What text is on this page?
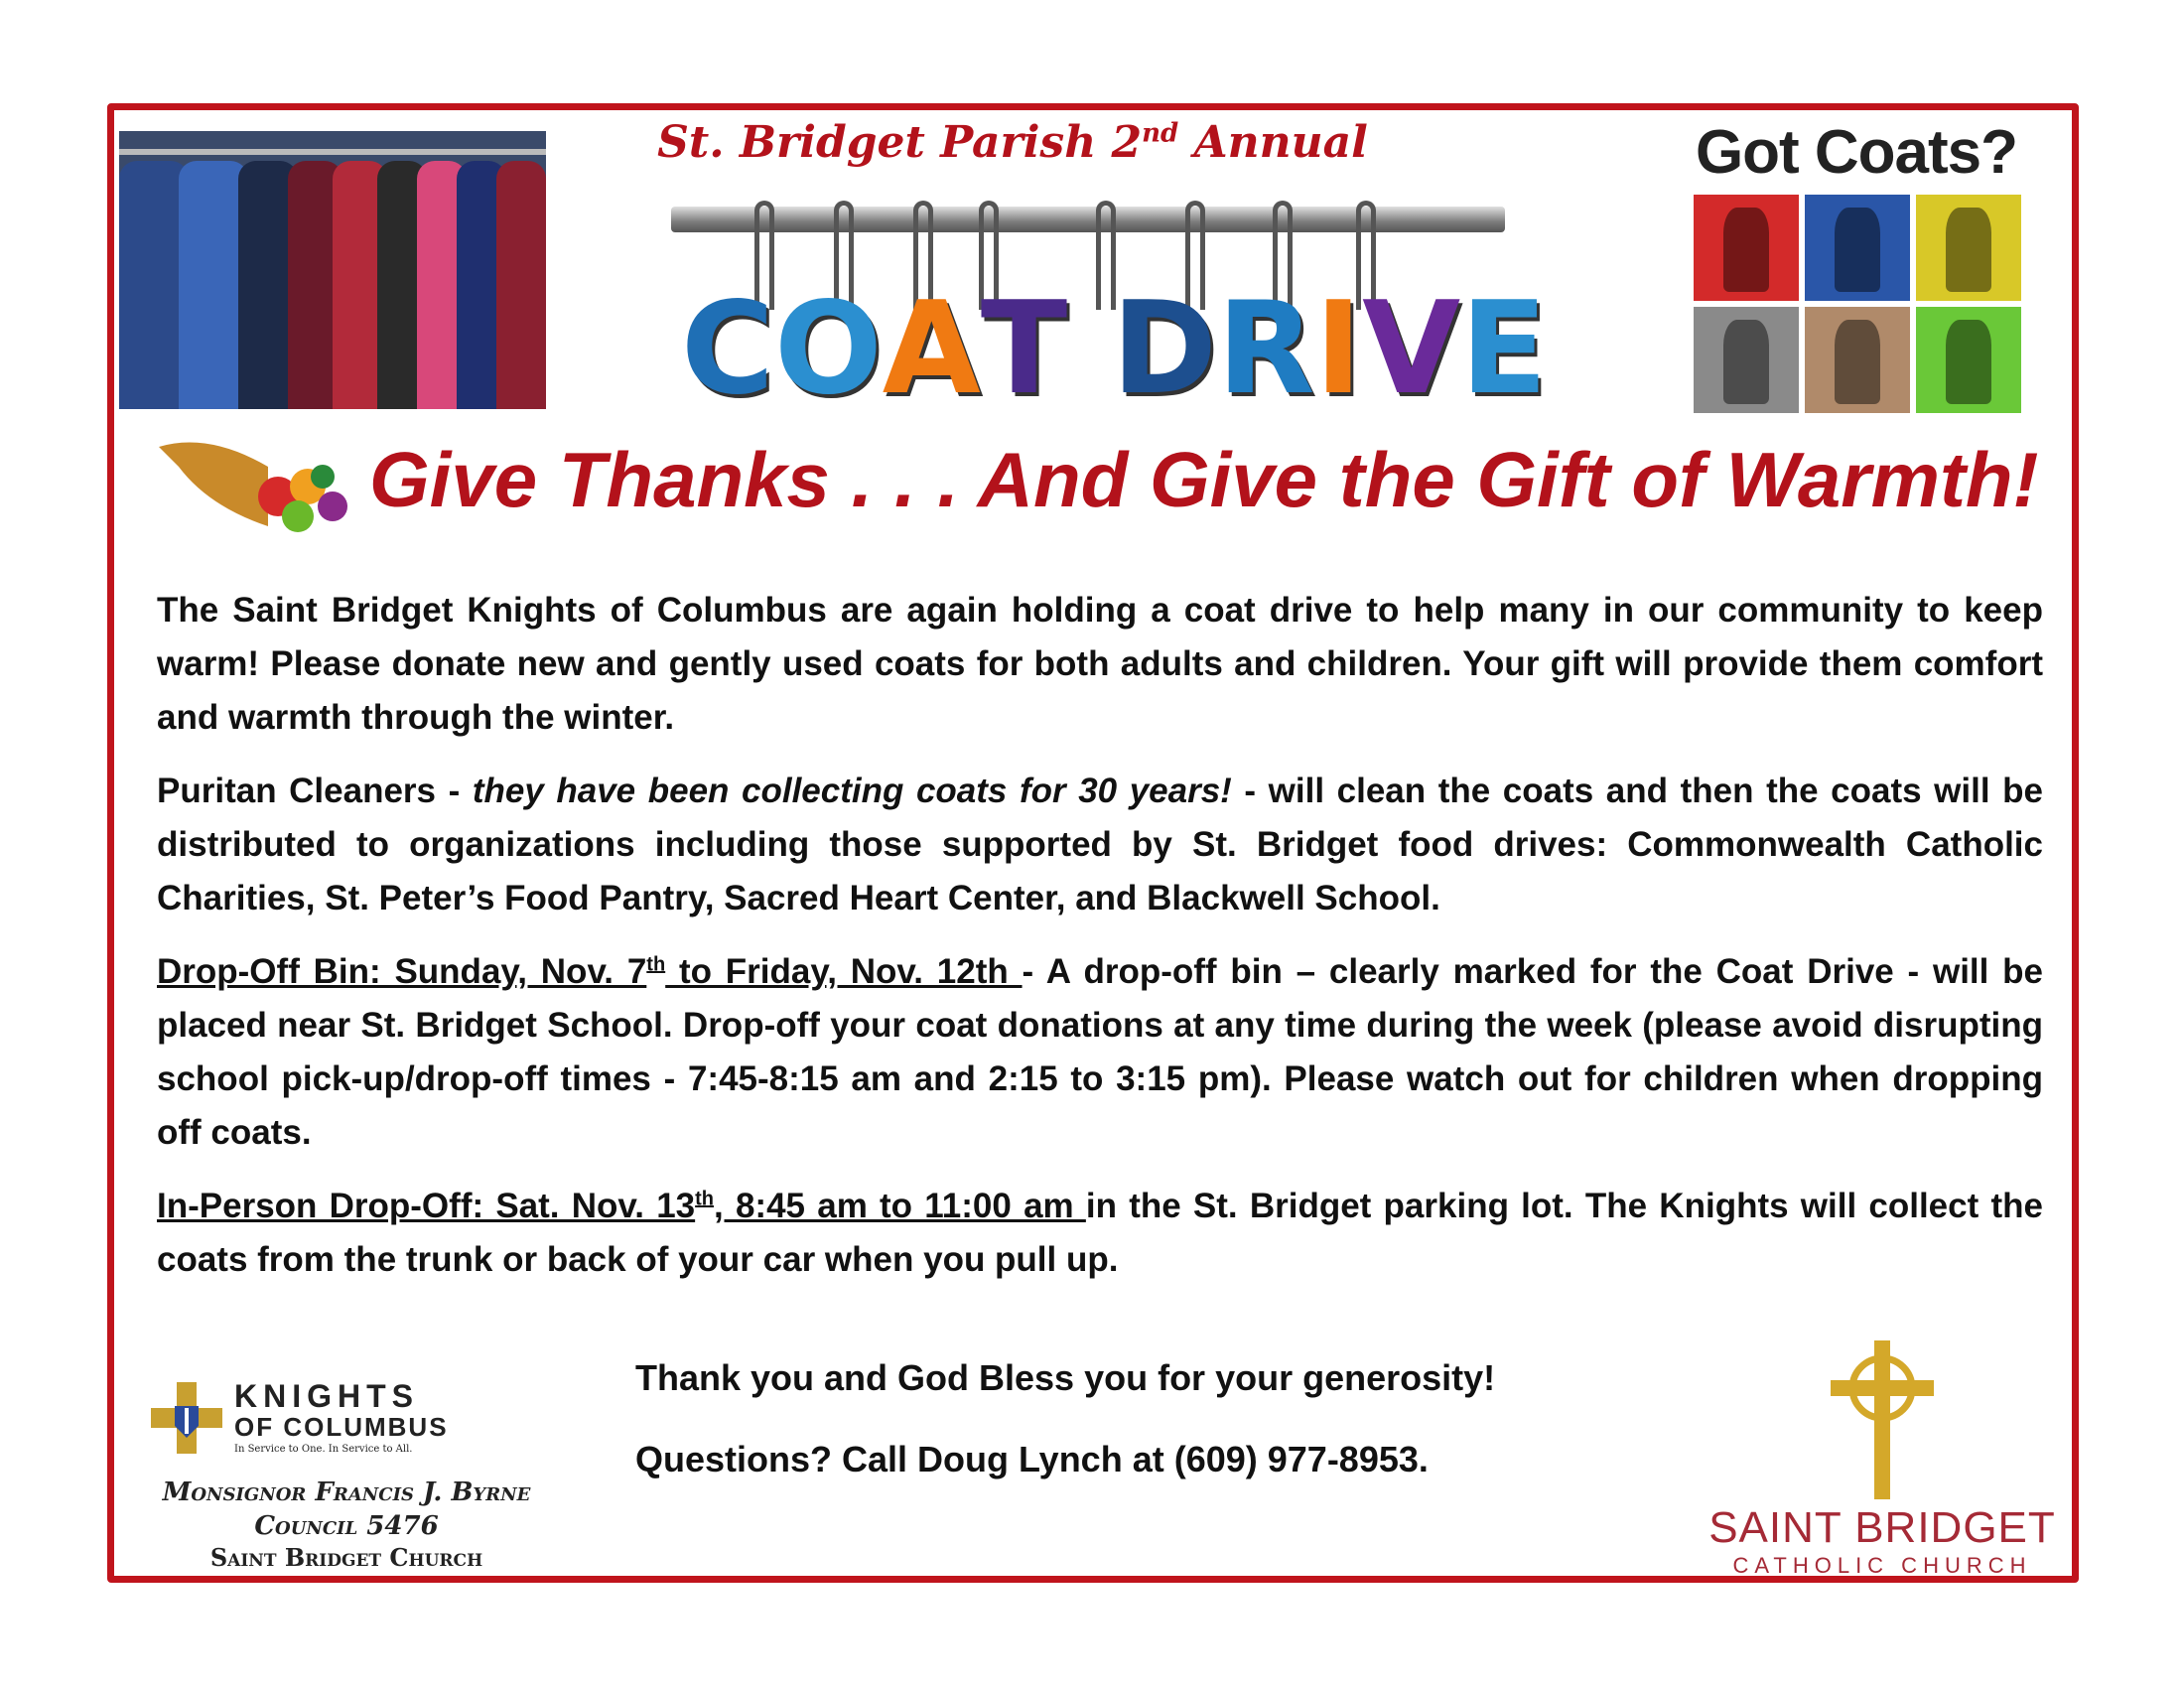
St. Bridget Parish 2nd Annual
C O A T
D R I V E
Got Coats?
Give Thanks . . . And Give the Gift of Warmth!

The Saint Bridget Knights of Columbus are again holding a coat drive to help many in our community to keep warm! Please donate new and gently used coats for both adults and children. Your gift will provide them comfort and warmth through the winter.

Puritan Cleaners - they have been collecting coats for 30 years! - will clean the coats and then the coats will be distributed to organizations including those supported by St. Bridget food drives: Commonwealth Catholic Charities, St. Peter’s Food Pantry, Sacred Heart Center, and Blackwell School.

Drop-Off Bin: Sunday, Nov. 7th to Friday, Nov. 12th - A drop-off bin – clearly marked for the Coat Drive - will be placed near St. Bridget School. Drop-off your coat donations at any time during the week (please avoid disrupting school pick-up/drop-off times - 7:45-8:15 am and 2:15 to 3:15 pm). Please watch out for children when dropping off coats.

In-Person Drop-Off: Sat. Nov. 13th, 8:45 am to 11:00 am in the St. Bridget parking lot. The Knights will collect the coats from the trunk or back of your car when you pull up.

KNIGHTS
OF COLUMBUS
In Service to One. In Service to All.
Monsignor Francis J. Byrne
Council 5476
Saint Bridget Church

Thank you and God Bless you for your generosity!

Questions? Call Doug Lynch at (609) 977-8953.

SAINT BRIDGET
CATHOLIC CHURCH
